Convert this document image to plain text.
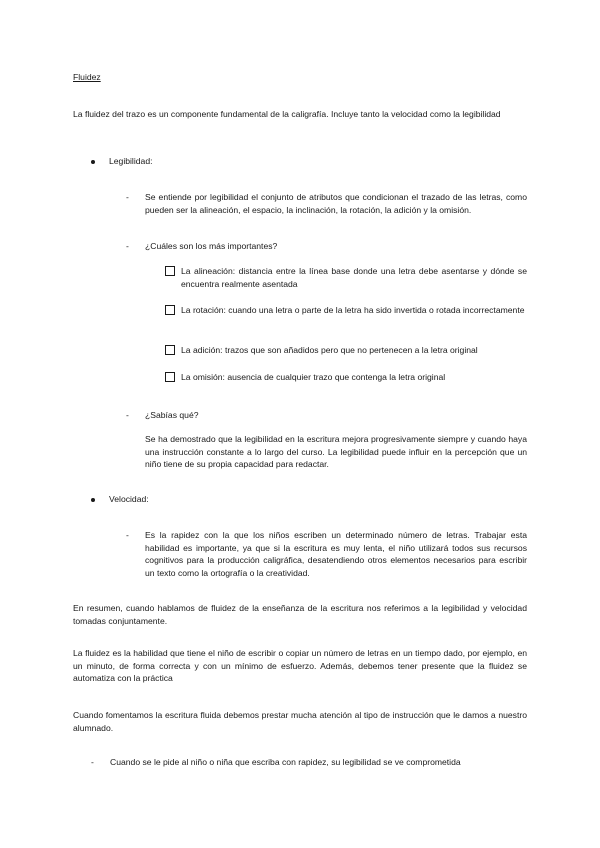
Fluidez

La fluidez del trazo es un componente fundamental de la caligrafía. Incluye tanto la velocidad como la legibilidad

Legibilidad:

- Se entiende por legibilidad el conjunto de atributos que condicionan el trazado de las letras, como pueden ser la alineación, el espacio, la inclinación, la rotación, la adición y la omisión.

- ¿Cuáles son los más importantes?

La alineación: distancia entre la línea base donde una letra debe asentarse y dónde se encuentra realmente asentada

La rotación: cuando una letra o parte de la letra ha sido invertida o rotada incorrectamente

La adición: trazos que son añadidos pero que no pertenecen a la letra original

La omisión: ausencia de cualquier trazo que contenga la letra original

- ¿Sabías qué?

Se ha demostrado que la legibilidad en la escritura mejora progresivamente siempre y cuando haya una instrucción constante a lo largo del curso. La legibilidad puede influir en la percepción que un niño tiene de su propia capacidad para redactar.

Velocidad:

- Es la rapidez con la que los niños escriben un determinado número de letras. Trabajar esta habilidad es importante, ya que si la escritura es muy lenta, el niño utilizará todos sus recursos cognitivos para la producción caligráfica, desatendiendo otros elementos necesarios para escribir un texto como la ortografía o la creatividad.

En resumen, cuando hablamos de fluidez de la enseñanza de la escritura nos referimos a la legibilidad y velocidad tomadas conjuntamente.

La fluidez es la habilidad que tiene el niño de escribir o copiar un número de letras en un tiempo dado, por ejemplo, en un minuto, de forma correcta y con un mínimo de esfuerzo. Además, debemos tener presente que la fluidez se automatiza con la práctica

Cuando fomentamos la escritura fluida debemos prestar mucha atención al tipo de instrucción que le damos a nuestro alumnado.

- Cuando se le pide al niño o niña que escriba con rapidez, su legibilidad se ve comprometida
